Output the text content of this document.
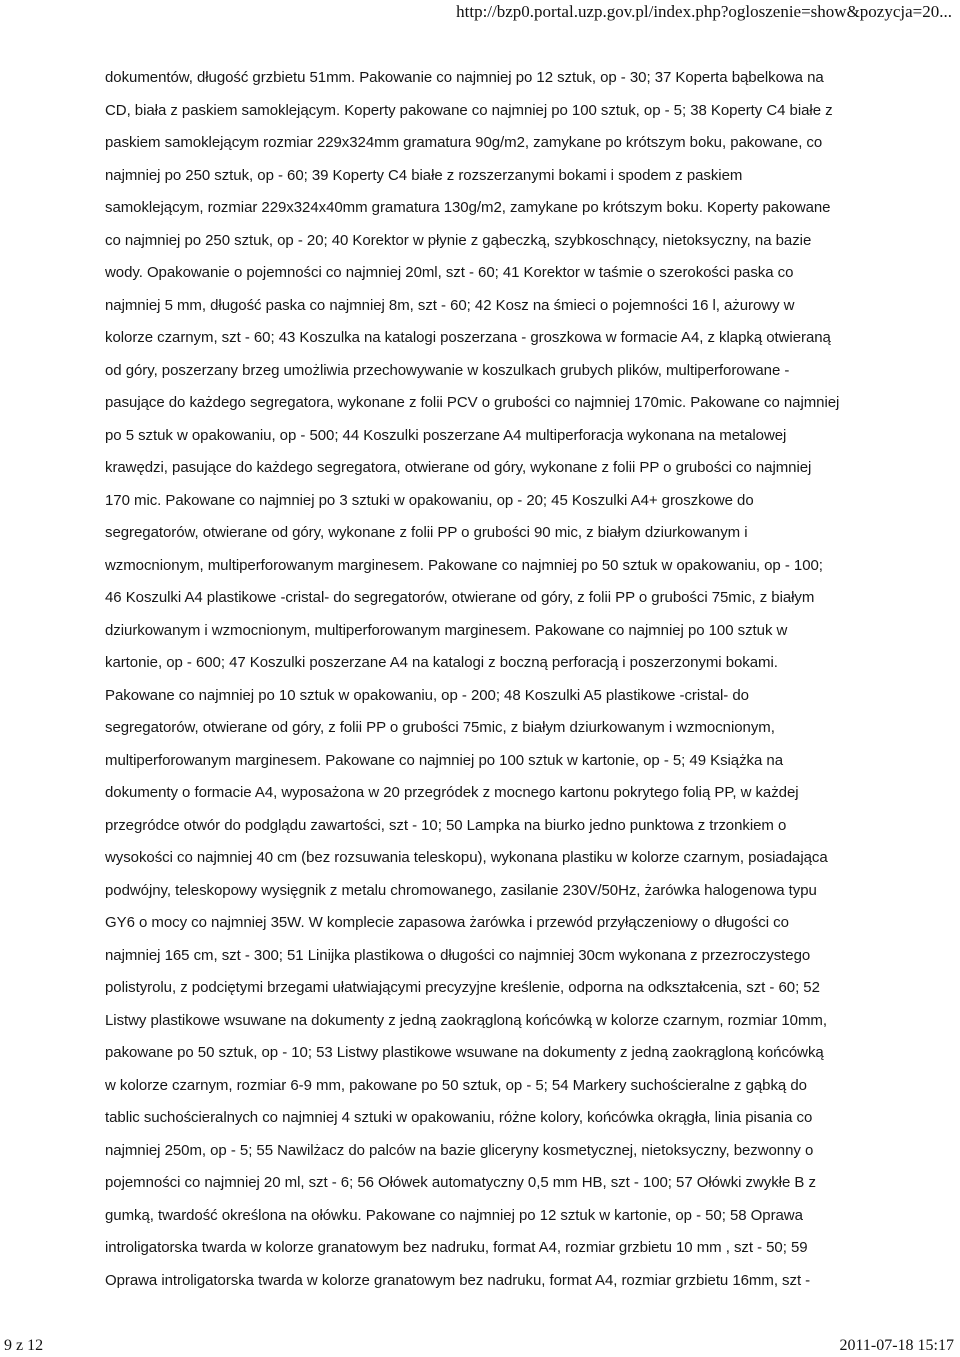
http://bzp0.portal.uzp.gov.pl/index.php?ogloszenie=show&pozycja=20...
dokumentów, długość grzbietu 51mm. Pakowanie co najmniej po 12 sztuk, op - 30; 37 Koperta bąbelkowa na
CD, biała z paskiem samoklejącym. Koperty pakowane co najmniej po 100 sztuk, op - 5; 38 Koperty C4 białe z
paskiem samoklejącym rozmiar 229x324mm gramatura 90g/m2, zamykane po krótszym boku, pakowane, co
najmniej po 250 sztuk, op - 60; 39 Koperty C4 białe z rozszerzanymi bokami i spodem z paskiem
samoklejącym, rozmiar 229x324x40mm gramatura 130g/m2, zamykane po krótszym boku. Koperty pakowane
co najmniej po 250 sztuk, op - 20; 40 Korektor w płynie z gąbeczką, szybkoschnący, nietoksyczny, na bazie
wody. Opakowanie o pojemności co najmniej 20ml, szt - 60; 41 Korektor w taśmie o szerokości paska co
najmniej 5 mm, długość paska co najmniej 8m, szt - 60; 42 Kosz na śmieci o pojemności 16 l, ażurowy w
kolorze czarnym, szt - 60; 43 Koszulka na katalogi poszerzana - groszkowa w formacie A4, z klapką otwieraną
od góry, poszerzany brzeg umożliwia przechowywanie w koszulkach grubych plików, multiperforowane -
pasujące do każdego segregatora, wykonane z folii PCV o grubości co najmniej 170mic. Pakowane co najmniej
po 5 sztuk w opakowaniu, op - 500; 44 Koszulki poszerzane A4 multiperforacja wykonana na metalowej
krawędzi, pasujące do każdego segregatora, otwierane od góry, wykonane z folii PP o grubości co najmniej
170 mic. Pakowane co najmniej po 3 sztuki w opakowaniu, op - 20; 45 Koszulki A4+ groszkowe do
segregatorów, otwierane od góry, wykonane z folii PP o grubości 90 mic, z białym dziurkowanym i
wzmocnionym, multiperforowanym marginesem. Pakowane co najmniej po 50 sztuk w opakowaniu, op - 100;
46 Koszulki A4 plastikowe -cristal- do segregatorów, otwierane od góry, z folii PP o grubości 75mic, z białym
dziurkowanym i wzmocnionym, multiperforowanym marginesem. Pakowane co najmniej po 100 sztuk w
kartonie, op - 600; 47 Koszulki poszerzane A4 na katalogi z boczną perforacją i poszerzonymi bokami.
Pakowane co najmniej po 10 sztuk w opakowaniu, op - 200; 48 Koszulki A5 plastikowe -cristal- do
segregatorów, otwierane od góry, z folii PP o grubości 75mic, z białym dziurkowanym i wzmocnionym,
multiperforowanym marginesem. Pakowane co najmniej po 100 sztuk w kartonie, op - 5; 49 Książka na
dokumenty o formacie A4, wyposażona w 20 przegródek z mocnego kartonu pokrytego folią PP, w każdej
przegródce otwór do podglądu zawartości, szt - 10; 50 Lampka na biurko jedno punktowa z trzonkiem o
wysokości co najmniej 40 cm (bez rozsuwania teleskopu), wykonana plastiku w kolorze czarnym, posiadająca
podwójny, teleskopowy wysięgnik z metalu chromowanego, zasilanie 230V/50Hz, żarówka halogenowa typu
GY6 o mocy co najmniej 35W. W komplecie zapasowa żarówka i przewód przyłączeniowy o długości co
najmniej 165 cm, szt - 300; 51 Linijka plastikowa o długości co najmniej 30cm wykonana z przezroczystego
polistyrolu, z podciętymi brzegami ułatwiającymi precyzyjne kreślenie, odporna na odkształcenia, szt - 60; 52
Listwy plastikowe wsuwane na dokumenty z jedną zaokrągloną końcówką w kolorze czarnym, rozmiar 10mm,
pakowane po 50 sztuk, op - 10; 53 Listwy plastikowe wsuwane na dokumenty z jedną zaokrągloną końcówką
w kolorze czarnym, rozmiar 6-9 mm, pakowane po 50 sztuk, op - 5; 54 Markery suchościeralne z gąbką do
tablic suchościeralnych co najmniej 4 sztuki w opakowaniu, różne kolory, końcówka okrągła, linia pisania co
najmniej 250m, op - 5; 55 Nawilżacz do palców na bazie gliceryny kosmetycznej, nietoksyczny, bezwonny o
pojemności co najmniej 20 ml, szt - 6; 56 Ołówek automatyczny 0,5 mm HB, szt - 100; 57 Ołówki zwykłe B z
gumką, twardość określona na ołówku. Pakowane co najmniej po 12 sztuk w kartonie, op - 50; 58 Oprawa
introligatorska twarda w kolorze granatowym bez nadruku, format A4, rozmiar grzbietu 10 mm , szt - 50; 59
Oprawa introligatorska twarda w kolorze granatowym bez nadruku, format A4, rozmiar grzbietu 16mm, szt -
9 z 12	2011-07-18 15:17
